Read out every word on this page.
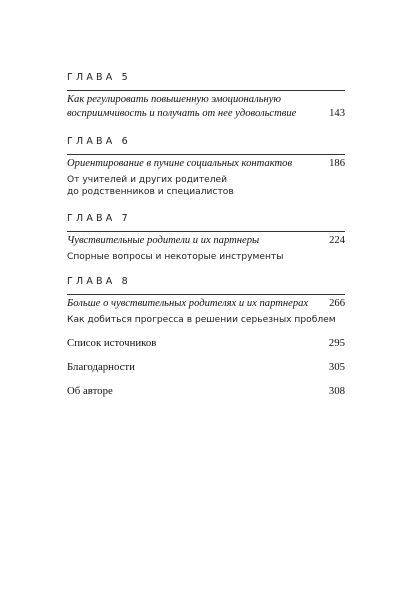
ГЛАВА 5
Как регулировать повышенную эмоциональную
восприимчивость и получать от нее удовольствие	143
ГЛАВА 6
Ориентирование в пучине социальных контактов	186
От учителей и других родителей
до родственников и специалистов
ГЛАВА 7
Чувствительные родители и их партнеры	224
Спорные вопросы и некоторые инструменты
ГЛАВА 8
Больше о чувствительных родителях и их партнерах 266
Как добиться прогресса в решении серьезных проблем
Список источников	295
Благодарности	305
Об авторе	308
